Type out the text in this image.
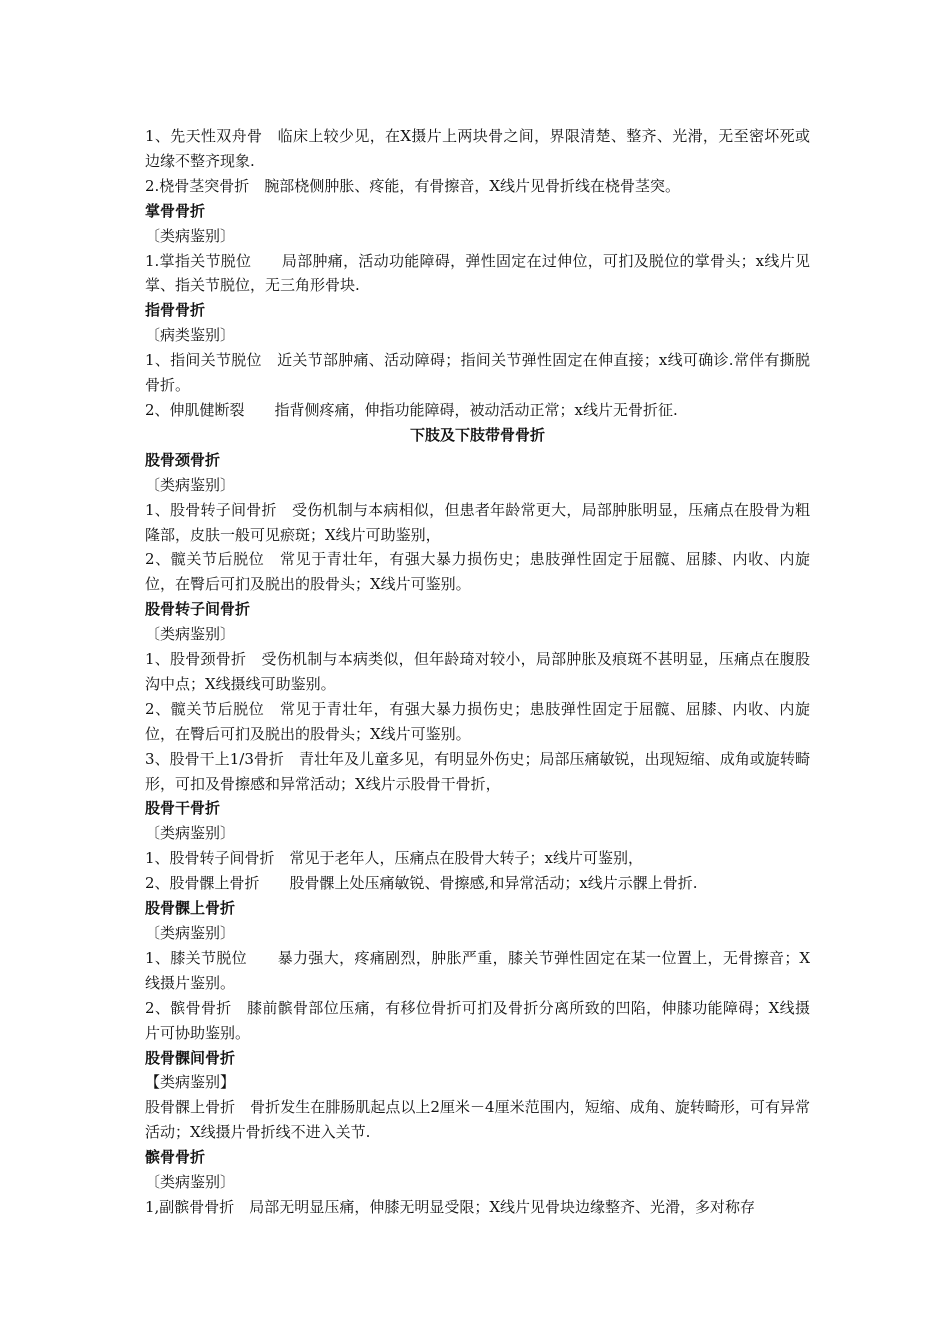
1、先天性双舟骨　临床上较少见，在X摄片上两块骨之间，界限清楚、整齐、光滑，无至密坏死或边缘不整齐现象.

2.桡骨茎突骨折　腕部桡侧肿胀、疼能，有骨擦音，X线片见骨折线在桡骨茎突。

掌骨骨折

〔类病鉴别〕

1.掌指关节脱位　　局部肿痛，活动功能障碍，弹性固定在过伸位，可扪及脱位的掌骨头；x线片见掌、指关节脱位，无三角形骨块.

指骨骨折

〔病类鉴别〕

1、指间关节脱位　近关节部肿痛、活动障碍；指间关节弹性固定在伸直接；x线可确诊.常伴有撕脱骨折。

2、伸肌健断裂　　指背侧疼痛，伸指功能障碍，被动活动正常；x线片无骨折征.

下肢及下肢带骨骨折

股骨颈骨折

〔类病鉴别〕

1、股骨转子间骨折　受伤机制与本病相似，但患者年龄常更大，局部肿胀明显，压痛点在股骨为粗隆部，皮肤一般可见瘀斑；X线片可助鉴别，

2、髋关节后脱位　常见于青壮年，有强大暴力损伤史；患肢弹性固定于屈髋、屈膝、内收、内旋位，在臀后可扪及脱出的股骨头；X线片可鉴别。

股骨转子间骨折

〔类病鉴别〕

1、股骨颈骨折　受伤机制与本病类似，但年龄琦对较小，局部肿胀及痕斑不甚明显，压痛点在腹股沟中点；X线摄线可助鉴别。

2、髋关节后脱位　常见于青壮年，有强大暴力损伤史；患肢弹性固定于屈髋、屈膝、内收、内旋位，在臀后可扪及脱出的股骨头；X线片可鉴别。

3、股骨干上1/3骨折　青壮年及儿童多见，有明显外伤史；局部压痛敏锐，出现短缩、成角或旋转畸形，可扣及骨擦感和异常活动；X线片示股骨干骨折，

股骨干骨折

〔类病鉴别〕

1、股骨转子间骨折　常见于老年人，压痛点在股骨大转子；x线片可鉴别，

2、股骨髁上骨折　　股骨髁上处压痛敏锐、骨擦感,和异常活动；x线片示髁上骨折.

股骨髁上骨折

〔类病鉴别〕

1、膝关节脱位　　暴力强大，疼痛剧烈，肿胀严重，膝关节弹性固定在某一位置上，无骨擦音；X线摄片鉴别。

2、髌骨骨折　膝前髌骨部位压痛，有移位骨折可扪及骨折分离所致的凹陷，伸膝功能障碍；X线摄片可协助鉴别。

股骨髁间骨折

【类病鉴别】

股骨髁上骨折　骨折发生在腓肠肌起点以上2厘米－4厘米范围内，短缩、成角、旋转畸形，可有异常活动；X线摄片骨折线不进入关节.

髌骨骨折

〔类病鉴别〕

1,副髌骨骨折　局部无明显压痛，伸膝无明显受限；X线片见骨块边缘整齐、光滑，多对称存
